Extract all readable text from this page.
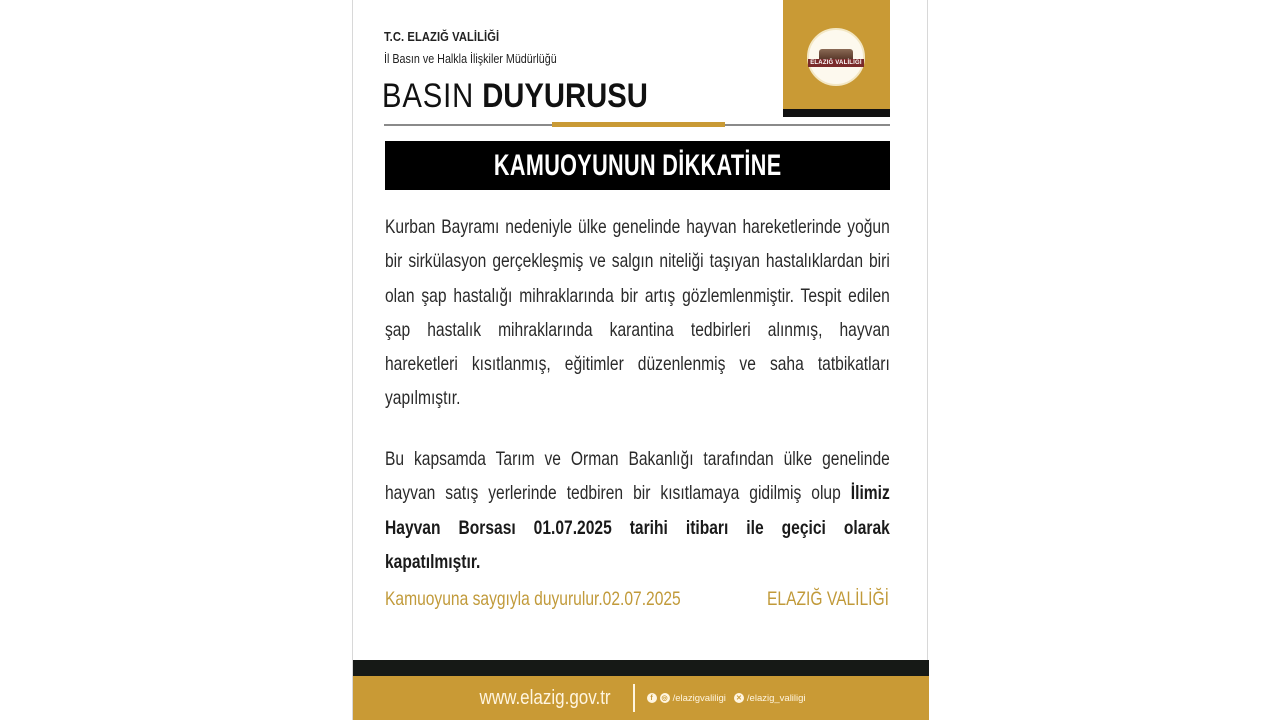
T.C. ELAZIĞ VALİLİĞİ
İl Basın ve Halkla İlişkiler Müdürlüğü
BASIN DUYURUSU
ELAZIĞ VALİLİĞİ
KAMUOYUNUN DİKKATİNE
Kurban Bayramı nedeniyle ülke genelinde hayvan hareketlerinde yoğun bir sirkülasyon gerçekleşmiş ve salgın niteliği taşıyan hastalıklardan biri olan şap hastalığı mihraklarında bir artış gözlemlenmiştir. Tespit edilen şap hastalık mihraklarında karantina tedbirleri alınmış, hayvan hareketleri kısıtlanmış, eğitimler düzenlenmiş ve saha tatbikatları yapılmıştır.
Bu kapsamda Tarım ve Orman Bakanlığı tarafından ülke genelinde hayvan satış yerlerinde tedbiren bir kısıtlamaya gidilmiş olup İlimiz Hayvan Borsası 01.07.2025 tarihi itibarı ile geçici olarak kapatılmıştır.
Kamuoyuna saygıyla duyurulur.02.07.2025	ELAZIĞ VALİLİĞİ
www.elazig.gov.tr	f	◎ /elazigvaliligi ✕ /elazig_valiligi
